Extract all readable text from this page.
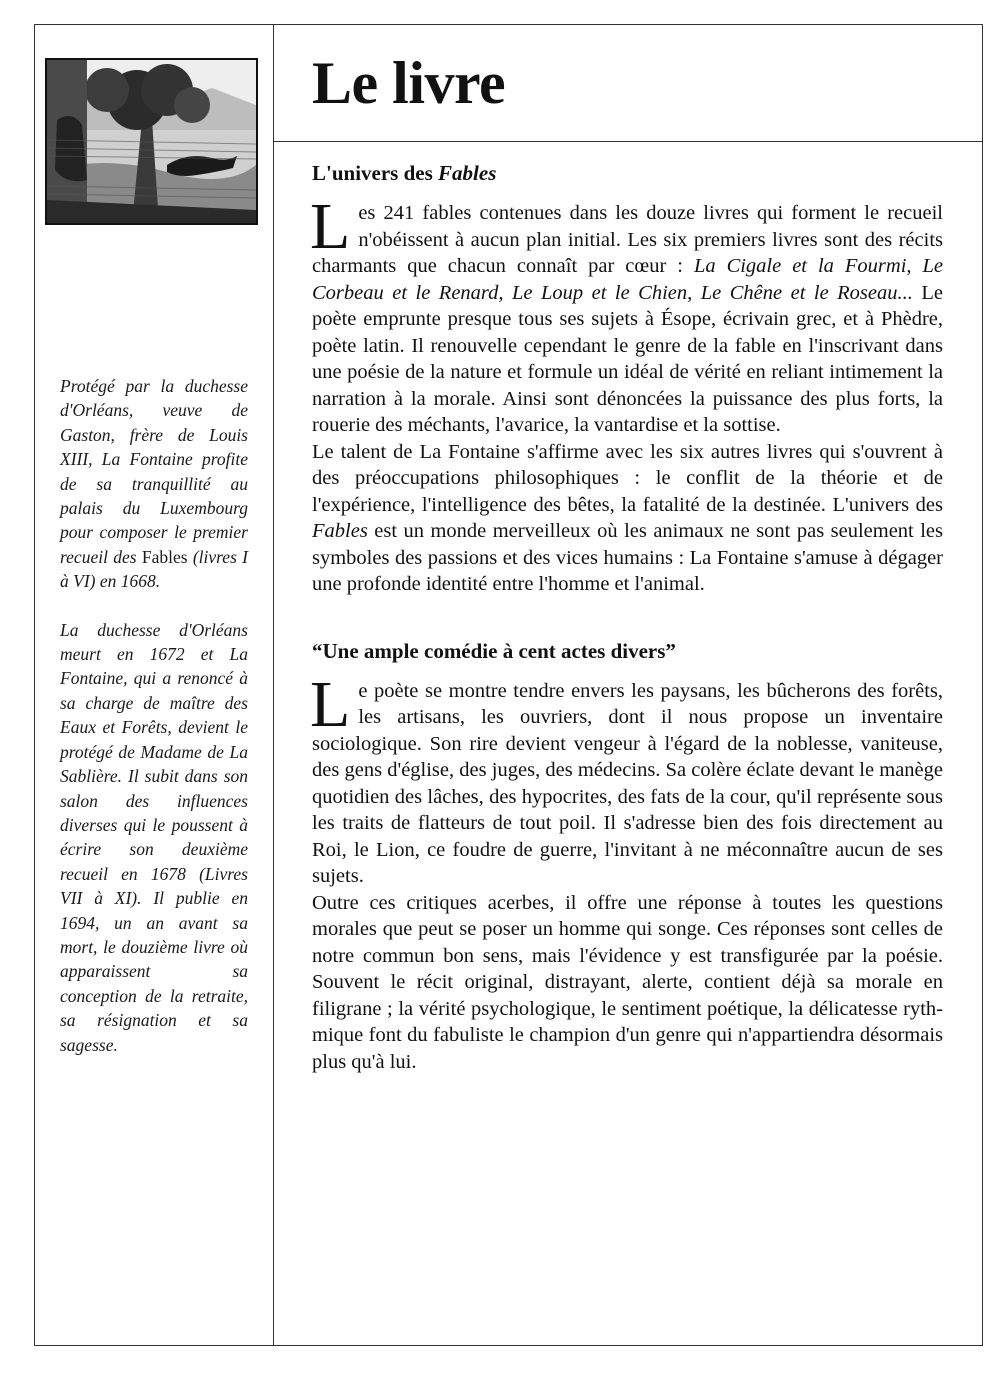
Le livre

Protégé par la duchesse d'Orléans, veuve de Gaston, frère de Louis XIII, La Fontaine profite de sa tranquillité au palais du Luxembourg pour composer le premier recueil des Fables (livres I à VI) en 1668.

La duchesse d'Orléans meurt en 1672 et La Fontaine, qui a renoncé à sa charge de maître des Eaux et Forêts, devient le protégé de Madame de La Sablière. Il subit dans son salon des influences diverses qui le poussent à écrire son deuxième recueil en 1678 (Livres VII à XI). Il publie en 1694, un an avant sa mort, le douzième livre où apparaissent sa conception de la retraite, sa résignation et sa sagesse.

L'univers des Fables

Les 241 fables contenues dans les douze livres qui forment le recueil n'obéissent à aucun plan initial. Les six premiers livres sont des récits charmants que chacun connaît par cœur : La Cigale et la Fourmi, Le Corbeau et le Renard, Le Loup et le Chien, Le Chêne et le Roseau... Le poète emprunte presque tous ses sujets à Ésope, écrivain grec, et à Phèdre, poète latin. Il renouvelle cependant le genre de la fable en l'inscrivant dans une poésie de la nature et formule un idéal de vérité en reliant intimement la narration à la morale. Ainsi sont dénoncées la puissance des plus forts, la rouerie des méchants, l'avarice, la vantardise et la sottise.

Le talent de La Fontaine s'affirme avec les six autres livres qui s'ouvrent à des préoccupations philosophiques : le conflit de la théorie et de l'expérience, l'intelligence des bêtes, la fatalité de la destinée. L'univers des Fables est un monde merveilleux où les animaux ne sont pas seulement les symboles des passions et des vices humains : La Fontaine s'amuse à dégager une profonde identité entre l'homme et l'animal.

“Une ample comédie à cent actes divers”

Le poète se montre tendre envers les paysans, les bûcherons des forêts, les artisans, les ouvriers, dont il nous propose un inventaire sociologique. Son rire devient vengeur à l'égard de la noblesse, vaniteuse, des gens d'église, des juges, des médecins. Sa colère éclate devant le manège quotidien des lâches, des hypocrites, des fats de la cour, qu'il représente sous les traits de flatteurs de tout poil. Il s'adresse bien des fois directement au Roi, le Lion, ce foudre de guerre, l'invitant à ne méconnaître aucun de ses sujets.

Outre ces critiques acerbes, il offre une réponse à toutes les questions morales que peut se poser un homme qui songe. Ces réponses sont celles de notre commun bon sens, mais l'évidence y est transfigurée par la poésie. Souvent le récit original, distrayant, alerte, contient déjà sa morale en filigrane ; la vérité psychologique, le sentiment poétique, la délicatesse rythmique font du fabuliste le champion d'un genre qui n'appartiendra désormais plus qu'à lui.
